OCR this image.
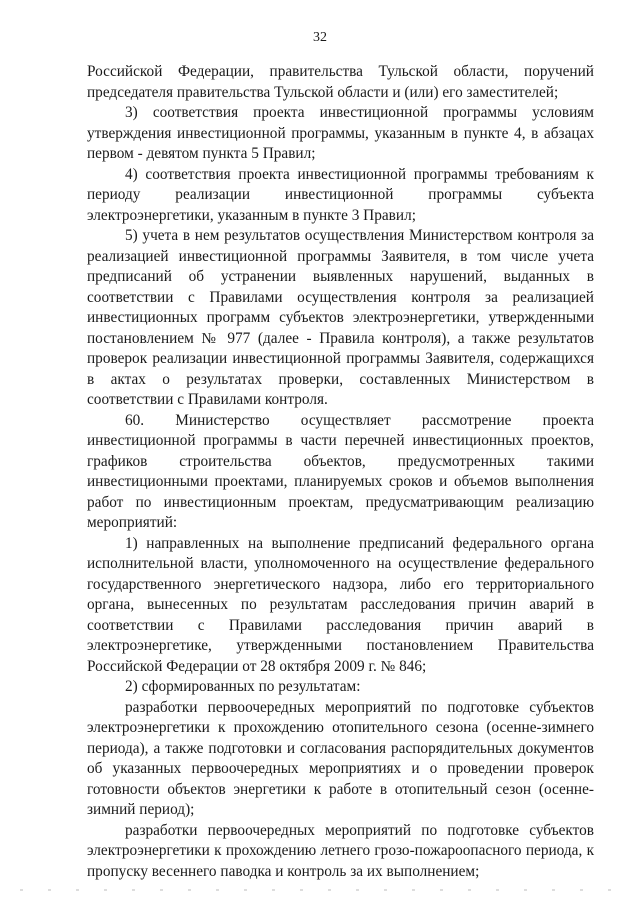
32

Российской Федерации, правительства Тульской области, поручений председателя правительства Тульской области и (или) его заместителей;

3) соответствия проекта инвестиционной программы условиям утверждения инвестиционной программы, указанным в пункте 4, в абзацах первом - девятом пункта 5 Правил;

4) соответствия проекта инвестиционной программы требованиям к периоду реализации инвестиционной программы субъекта электроэнергетики, указанным в пункте 3 Правил;

5) учета в нем результатов осуществления Министерством контроля за реализацией инвестиционной программы Заявителя, в том числе учета предписаний об устранении выявленных нарушений, выданных в соответствии с Правилами осуществления контроля за реализацией инвестиционных программ субъектов электроэнергетики, утвержденными постановлением № 977 (далее - Правила контроля), а также результатов проверок реализации инвестиционной программы Заявителя, содержащихся в актах о результатах проверки, составленных Министерством в соответствии с Правилами контроля.

60. Министерство осуществляет рассмотрение проекта инвестиционной программы в части перечней инвестиционных проектов, графиков строительства объектов, предусмотренных такими инвестиционными проектами, планируемых сроков и объемов выполнения работ по инвестиционным проектам, предусматривающим реализацию мероприятий:

1) направленных на выполнение предписаний федерального органа исполнительной власти, уполномоченного на осуществление федерального государственного энергетического надзора, либо его территориального органа, вынесенных по результатам расследования причин аварий в соответствии с Правилами расследования причин аварий в электроэнергетике, утвержденными постановлением Правительства Российской Федерации от 28 октября 2009 г. № 846;

2) сформированных по результатам:

разработки первоочередных мероприятий по подготовке субъектов электроэнергетики к прохождению отопительного сезона (осенне-зимнего периода), а также подготовки и согласования распорядительных документов об указанных первоочередных мероприятиях и о проведении проверок готовности объектов энергетики к работе в отопительный сезон (осенне-зимний период);

разработки первоочередных мероприятий по подготовке субъектов электроэнергетики к прохождению летнего грозо-пожароопасного периода, к пропуску весеннего паводка и контроль за их выполнением;
